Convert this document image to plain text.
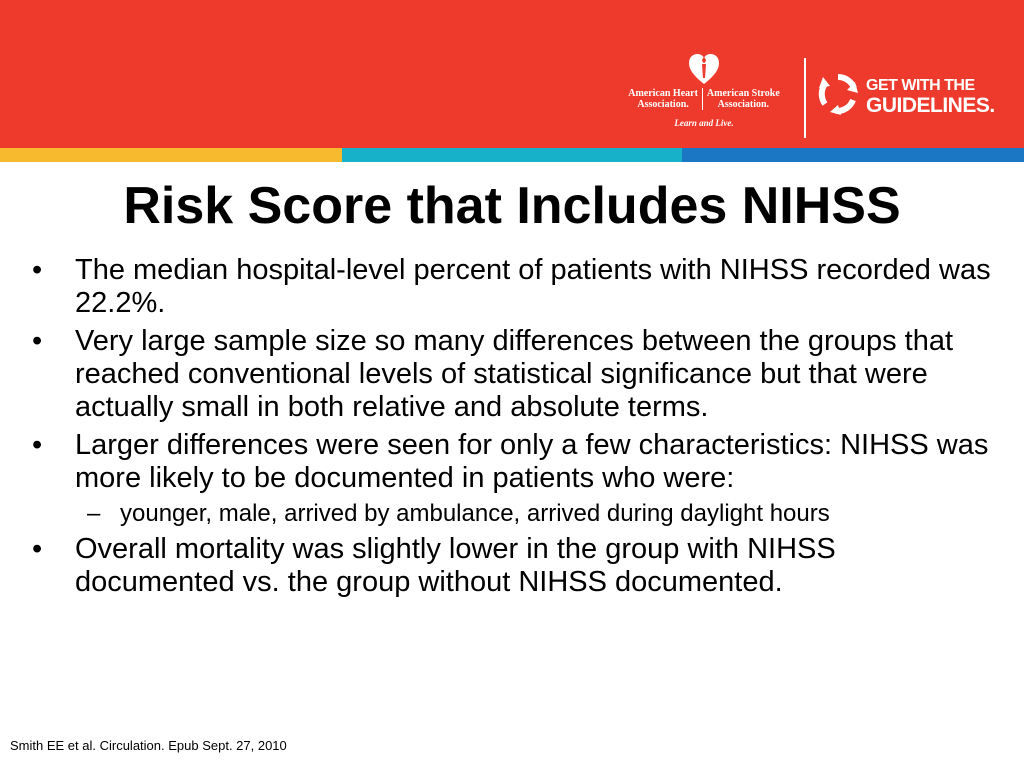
American Heart
Association.
American Stroke
Association.
Learn and Live.
GET WITH THE
GUIDELINES.
Risk Score that Includes NIHSS
• The median hospital-level percent of patients with NIHSS recorded was 22.2%.
• Very large sample size so many differences between the groups that reached conventional levels of statistical significance but that were actually small in both relative and absolute terms.
• Larger differences were seen for only a few characteristics: NIHSS was more likely to be documented in patients who were:
– younger, male, arrived by ambulance, arrived during daylight hours
• Overall mortality was slightly lower in the group with NIHSS documented vs. the group without NIHSS documented.
Smith EE et al. Circulation. Epub Sept. 27, 2010
